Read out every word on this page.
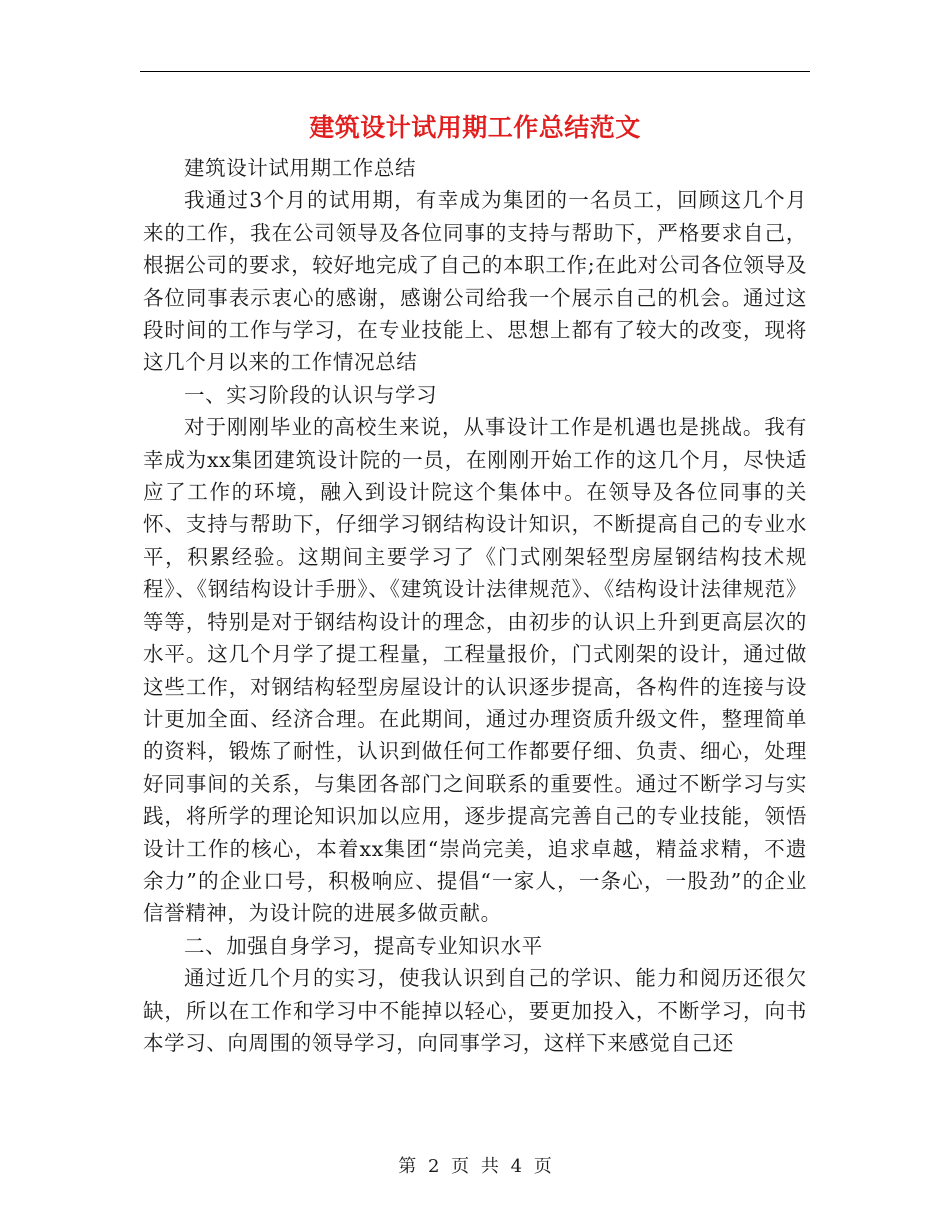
建筑设计试用期工作总结范文

建筑设计试用期工作总结

我通过3个月的试用期，有幸成为集团的一名员工，回顾这几个月来的工作，我在公司领导及各位同事的支持与帮助下，严格要求自己，根据公司的要求，较好地完成了自己的本职工作;在此对公司各位领导及各位同事表示衷心的感谢，感谢公司给我一个展示自己的机会。通过这段时间的工作与学习，在专业技能上、思想上都有了较大的改变，现将这几个月以来的工作情况总结

一、实习阶段的认识与学习

对于刚刚毕业的高校生来说，从事设计工作是机遇也是挑战。我有幸成为xx集团建筑设计院的一员，在刚刚开始工作的这几个月，尽快适应了工作的环境，融入到设计院这个集体中。在领导及各位同事的关怀、支持与帮助下，仔细学习钢结构设计知识，不断提高自己的专业水平，积累经验。这期间主要学习了《门式刚架轻型房屋钢结构技术规程》、《钢结构设计手册》、《建筑设计法律规范》、《结构设计法律规范》等等，特别是对于钢结构设计的理念，由初步的认识上升到更高层次的水平。这几个月学了提工程量，工程量报价，门式刚架的设计，通过做这些工作，对钢结构轻型房屋设计的认识逐步提高，各构件的连接与设计更加全面、经济合理。在此期间，通过办理资质升级文件，整理简单的资料，锻炼了耐性，认识到做任何工作都要仔细、负责、细心，处理好同事间的关系，与集团各部门之间联系的重要性。通过不断学习与实践，将所学的理论知识加以应用，逐步提高完善自己的专业技能，领悟设计工作的核心，本着xx集团“崇尚完美，追求卓越，精益求精，不遗余力”的企业口号，积极响应、提倡“一家人，一条心，一股劲”的企业信誉精神，为设计院的进展多做贡献。

二、加强自身学习，提高专业知识水平

通过近几个月的实习，使我认识到自己的学识、能力和阅历还很欠缺，所以在工作和学习中不能掉以轻心，要更加投入，不断学习，向书本学习、向周围的领导学习，向同事学习，这样下来感觉自己还

第 2 页 共 4 页
